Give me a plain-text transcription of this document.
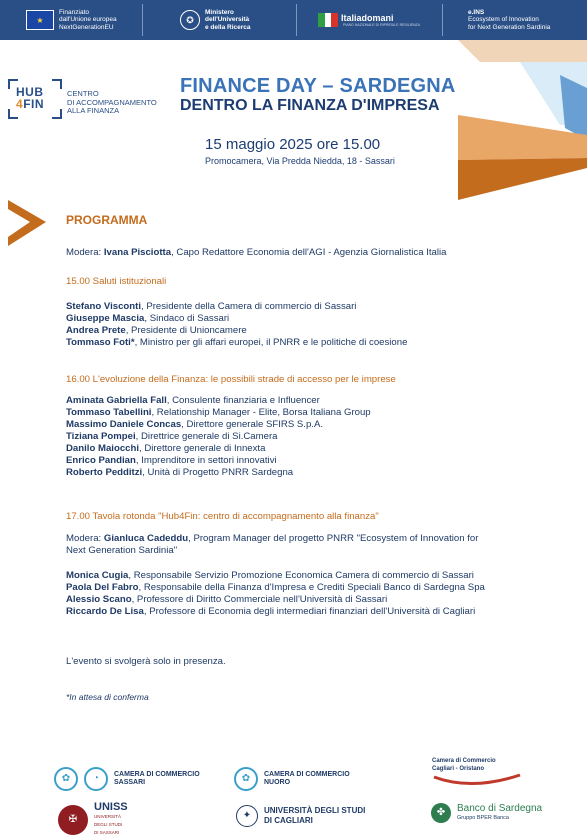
★
Finanziato
dall'Unione europea
NextGenerationEU
✪
Ministero
dell'Università
e della Ricerca
Italiadomani
PIANO NAZIONALE DI RIPRESA E RESILIENZA
e.INS
Ecosystem of Innovation
for Next Generation Sardinia
HUB
4FIN
CENTRO
DI ACCOMPAGNAMENTO
ALLA FINANZA
FINANCE DAY – SARDEGNA
DENTRO LA FINANZA D'IMPRESA
15 maggio 2025 ore 15.00
Promocamera, Via Predda Niedda, 18 - Sassari
PROGRAMMA
Modera: Ivana Pisciotta, Capo Redattore Economia dell'AGI - Agenzia Giornalistica Italia
15.00 Saluti istituzionali
Stefano Visconti, Presidente della Camera di commercio di Sassari
Giuseppe Mascia, Sindaco di Sassari
Andrea Prete, Presidente di Unioncamere
Tommaso Foti*, Ministro per gli affari europei, il PNRR e le politiche di coesione
16.00 L'evoluzione della Finanza: le possibili strade di accesso per le imprese
Aminata Gabriella Fall, Consulente finanziaria e Influencer
Tommaso Tabellini, Relationship Manager - Elite, Borsa Italiana Group
Massimo Daniele Concas, Direttore generale SFIRS S.p.A.
Tiziana Pompei, Direttrice generale di Si.Camera
Danilo Maiocchi, Direttore generale di Innexta
Enrico Pandian, Imprenditore in settori innovativi
Roberto Pedditzi, Unità di Progetto PNRR Sardegna
17.00 Tavola rotonda "Hub4Fin: centro di accompagnamento alla finanza"
Modera: Gianluca Cadeddu, Program Manager del progetto PNRR "Ecosystem of Innovation for
Next Generation Sardinia"
Monica Cugia, Responsabile Servizio Promozione Economica Camera di commercio di Sassari
Paola Del Fabro, Responsabile della Finanza d'Impresa e Crediti Speciali Banco di Sardegna Spa
Alessio Scano, Professore di Diritto Commerciale nell'Università di Sassari
Riccardo De Lisa, Professore di Economia degli intermediari finanziari dell'Università di Cagliari
L'evento si svolgerà solo in presenza.
*In attesa di conferma
✿	◔	CAMERA DI COMMERCIO
SASSARI	✿	CAMERA DI COMMERCIO
NUORO
Camera di Commercio
Cagliari - Oristano
✠
UNISS
UNIVERSITÀ
DEGLI STUDI
DI SASSARI
✦	UNIVERSITÀ DEGLI STUDI
DI CAGLIARI
✤	Banco di Sardegna
Gruppo BPER Banca
